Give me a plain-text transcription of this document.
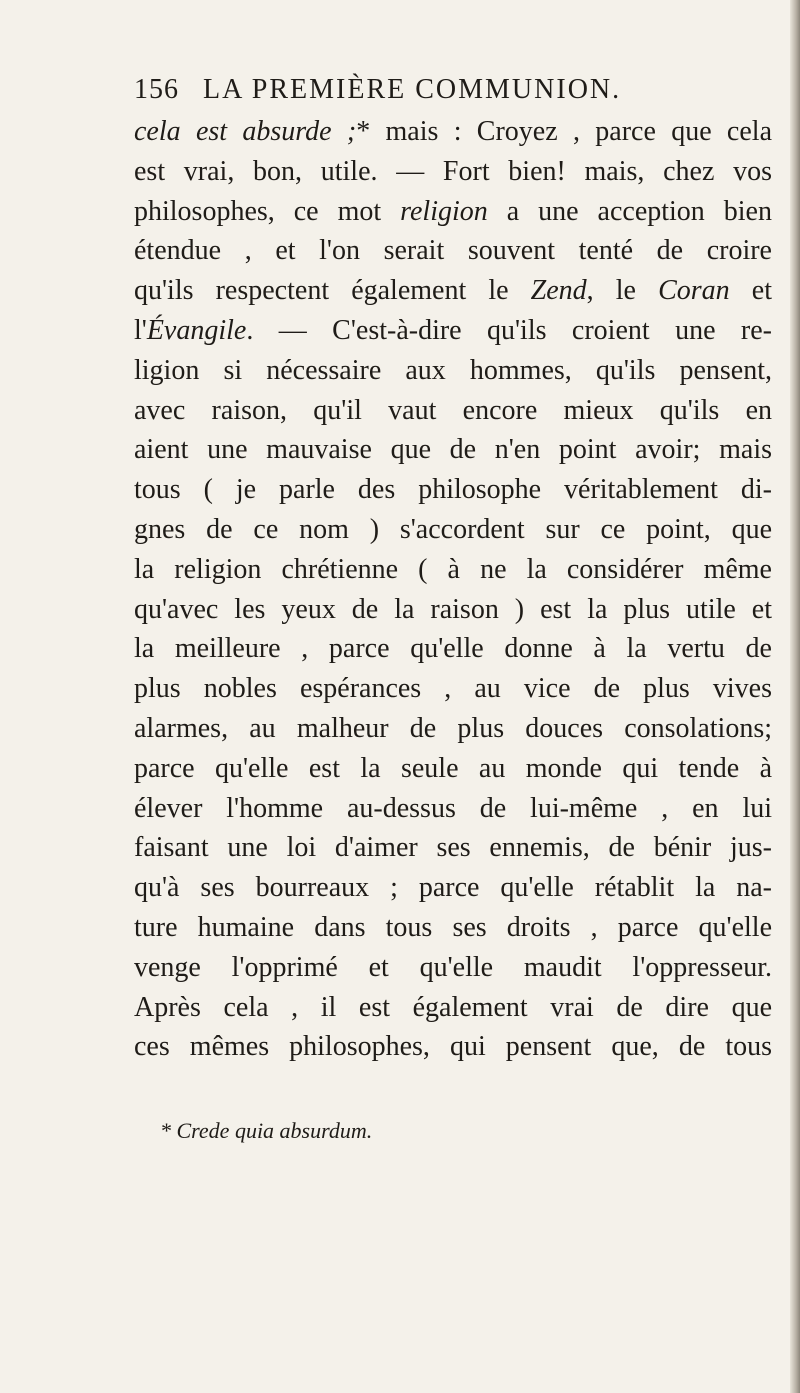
156 LA PREMIÈRE COMMUNION.
cela est absurde ;* mais : Croyez , parce que cela
est vrai, bon, utile. — Fort bien! mais, chez vos
philosophes, ce mot religion a une acception bien
étendue , et l'on serait souvent tenté de croire
qu'ils respectent également le Zend, le Coran et
l'Évangile. — C'est-à-dire qu'ils croient une re-
ligion si nécessaire aux hommes, qu'ils pensent,
avec raison, qu'il vaut encore mieux qu'ils en
aient une mauvaise que de n'en point avoir; mais
tous ( je parle des philosophe véritablement di-
gnes de ce nom ) s'accordent sur ce point, que
la religion chrétienne ( à ne la considérer même
qu'avec les yeux de la raison ) est la plus utile et
la meilleure , parce qu'elle donne à la vertu de
plus nobles espérances , au vice de plus vives
alarmes, au malheur de plus douces consolations;
parce qu'elle est la seule au monde qui tende à
élever l'homme au-dessus de lui-même , en lui
faisant une loi d'aimer ses ennemis, de bénir jus-
qu'à ses bourreaux ; parce qu'elle rétablit la na-
ture humaine dans tous ses droits , parce qu'elle
venge l'opprimé et qu'elle maudit l'oppresseur.
Après cela , il est également vrai de dire que
ces mêmes philosophes, qui pensent que, de tous
* Crede quia absurdum.
